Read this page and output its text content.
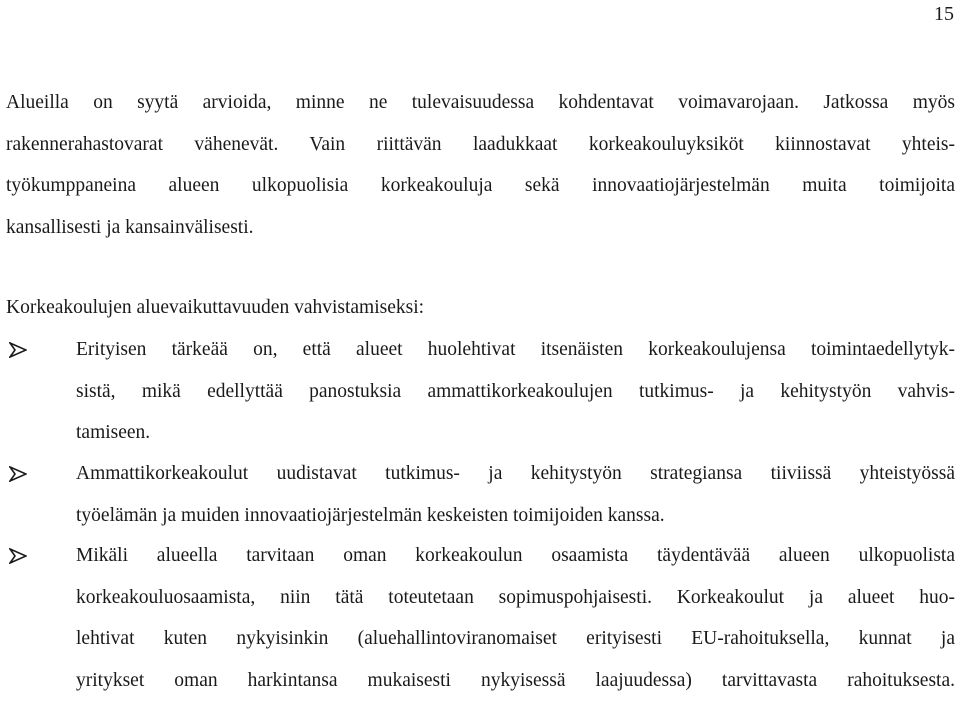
15
Alueilla on syytä arvioida, minne ne tulevaisuudessa kohdentavat voimavarojaan. Jatkossa myös
rakennerahastovarat vähenevät. Vain riittävän laadukkaat korkeakouluyksiköt kiinnostavat yhteis-
työkumppaneina alueen ulkopuolisia korkeakouluja sekä innovaatiojärjestelmän muita toimijoita
kansallisesti ja kansainvälisesti.
Korkeakoulujen aluevaikuttavuuden vahvistamiseksi:
Erityisen tärkeää on, että alueet huolehtivat itsenäisten korkeakoulujensa toimintaedellytyk-
sistä, mikä edellyttää panostuksia ammattikorkeakoulujen tutkimus- ja kehitystyön vahvis-
tamiseen.
Ammattikorkeakoulut uudistavat tutkimus- ja kehitystyön strategiansa tiiviissä yhteistyössä
työelämän ja muiden innovaatiojärjestelmän keskeisten toimijoiden kanssa.
Mikäli alueella tarvitaan oman korkeakoulun osaamista täydentävää alueen ulkopuolista
korkeakouluosaamista, niin tätä toteutetaan sopimuspohjaisesti. Korkeakoulut ja alueet huo-
lehtivat kuten nykyisinkin (aluehallintoviranomaiset erityisesti EU-rahoituksella, kunnat ja
yritykset oman harkintansa mukaisesti nykyisessä laajuudessa) tarvittavasta rahoituksesta.
